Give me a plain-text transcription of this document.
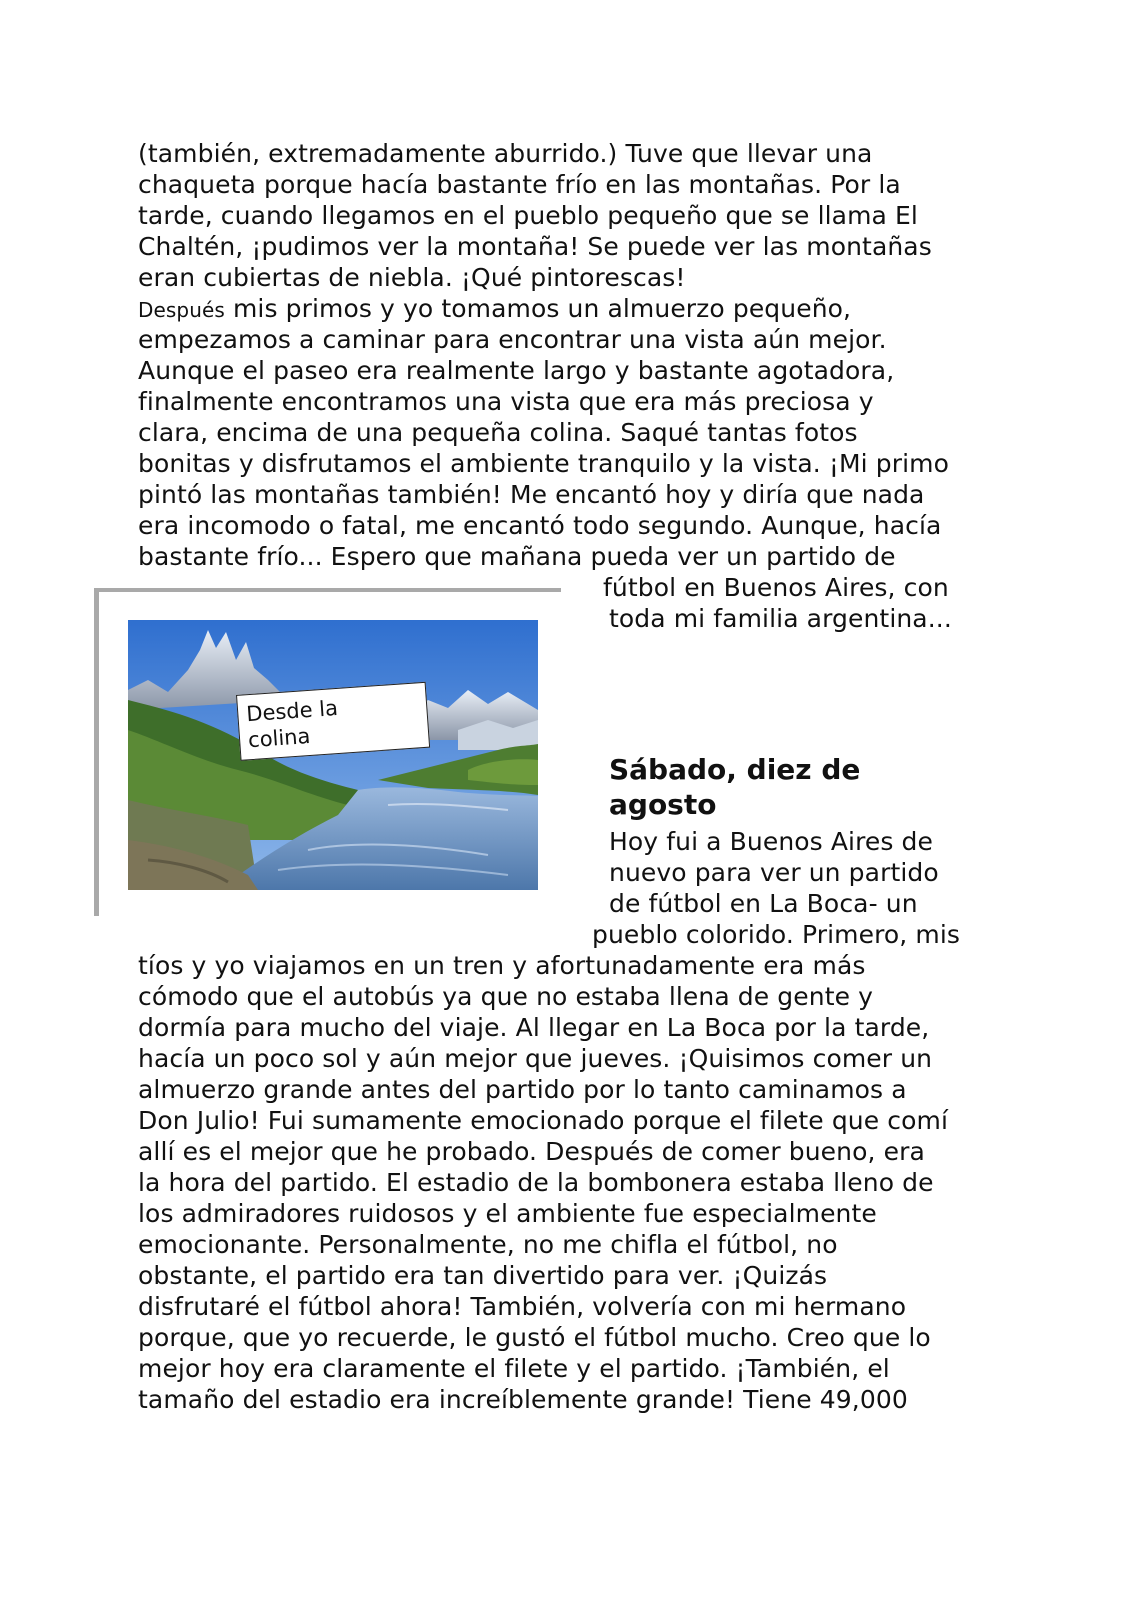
(también, extremadamente aburrido.) Tuve que llevar una
chaqueta porque hacía bastante frío en las montañas. Por la
tarde, cuando llegamos en el pueblo pequeño que se llama El
Chaltén, ¡pudimos ver la montaña! Se puede ver las montañas
eran cubiertas de niebla. ¡Qué pintorescas!
Después mis primos y yo tomamos un almuerzo pequeño,
empezamos a caminar para encontrar una vista aún mejor.
Aunque el paseo era realmente largo y bastante agotadora,
finalmente encontramos una vista que era más preciosa y
clara, encima de una pequeña colina. Saqué tantas fotos
bonitas y disfrutamos el ambiente tranquilo y la vista. ¡Mi primo
pintó las montañas también! Me encantó hoy y diría que nada
era incomodo o fatal, me encantó todo segundo. Aunque, hacía
bastante frío... Espero que mañana pueda ver un partido de
fútbol en Buenos Aires, con
toda mi familia argentina...
Desde la
colina
Sábado, diez de
agosto
Hoy fui a Buenos Aires de
nuevo para ver un partido
de fútbol en La Boca- un
pueblo colorido. Primero, mis
tíos y yo viajamos en un tren y afortunadamente era más
cómodo que el autobús ya que no estaba llena de gente y
dormía para mucho del viaje. Al llegar en La Boca por la tarde,
hacía un poco sol y aún mejor que jueves. ¡Quisimos comer un
almuerzo grande antes del partido por lo tanto caminamos a
Don Julio! Fui sumamente emocionado porque el filete que comí
allí es el mejor que he probado. Después de comer bueno, era
la hora del partido. El estadio de la bombonera estaba lleno de
los admiradores ruidosos y el ambiente fue especialmente
emocionante. Personalmente, no me chifla el fútbol, no
obstante, el partido era tan divertido para ver. ¡Quizás
disfrutaré el fútbol ahora! También, volvería con mi hermano
porque, que yo recuerde, le gustó el fútbol mucho. Creo que lo
mejor hoy era claramente el filete y el partido. ¡También, el
tamaño del estadio era increíblemente grande! Tiene 49,000
